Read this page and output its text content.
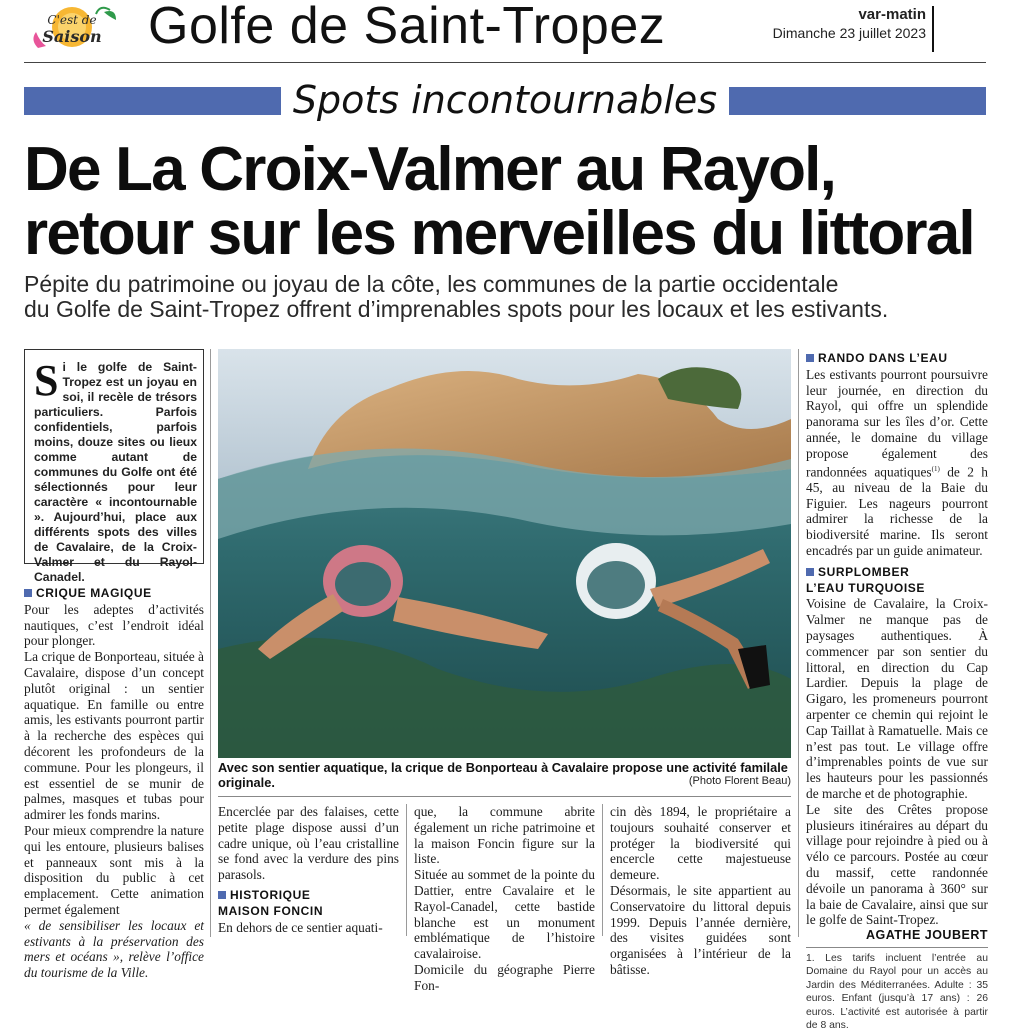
C'est de
Saison Golfe de Saint-Tropez	var-matin
Dimanche 23 juillet 2023
Spots incontournables
De La Croix-Valmer au Rayol,
retour sur les merveilles du littoral
Pépite du patrimoine ou joyau de la côte, les communes de la partie occidentale
du Golfe de Saint-Tropez offrent d’imprenables spots pour les locaux et les estivants.
S i le golfe de Saint-Tropez est un joyau en soi, il recèle de trésors particuliers. Parfois confidentiels, parfois moins, douze sites ou lieux comme autant de communes du Golfe ont été sélectionnés pour leur caractère « incontournable ». Aujourd’hui, place aux différents spots des villes de Cavalaire, de la Croix-Valmer et du Rayol-Canadel.
CRIQUE MAGIQUE

Pour les adeptes d’activités nautiques, c’est l’endroit idéal pour plonger.

La crique de Bonporteau, située à Cavalaire, dispose d’un concept plutôt original : un sentier aquatique. En famille ou entre amis, les estivants pourront partir à la recherche des espèces qui décorent les profondeurs de la commune. Pour les plongeurs, il est essentiel de se munir de palmes, masques et tubas pour admirer les fonds marins.

Pour mieux comprendre la nature qui les entoure, plusieurs balises et panneaux sont mis à la disposition du public à cet emplacement. Cette animation permet également

« de sensibiliser les locaux et estivants à la préservation des mers et océans », relève l’office du tourisme de la Ville.

Avec son sentier aquatique, la crique de Bonporteau à Cavalaire propose une activité familale originale.	(Photo Florent Beau)

Encerclée par des falaises, cette petite plage dispose aussi d’un cadre unique, où l’eau cristalline se fond avec la verdure des pins parasols.

HISTORIQUE
MAISON FONCIN

En dehors de ce sentier aquati-

que, la commune abrite également un riche patrimoine et la maison Foncin figure sur la liste.

Située au sommet de la pointe du Dattier, entre Cavalaire et le Rayol-Canadel, cette bastide blanche est un monument emblématique de l’histoire cavalairoise.

Domicile du géographe Pierre Fon-

cin dès 1894, le propriétaire a toujours souhaité conserver et protéger la biodiversité qui encercle cette majestueuse demeure.

Désormais, le site appartient au Conservatoire du littoral depuis 1999. Depuis l’année dernière, des visites guidées sont organisées à l’intérieur de la bâtisse.

RANDO DANS L’EAU

Les estivants pourront poursuivre leur journée, en direction du Rayol, qui offre un splendide panorama sur les îles d’or. Cette année, le domaine du village propose également des randonnées aquatiques$^{(1)}$ de 2 h 45, au niveau de la Baie du Figuier. Les nageurs pourront admirer la richesse de la biodiversité marine. Ils seront encadrés par un guide animateur.

SURPLOMBER
L’EAU TURQUOISE

Voisine de Cavalaire, la Croix-Valmer ne manque pas de paysages authentiques. À commencer par son sentier du littoral, en direction du Cap Lardier. Depuis la plage de Gigaro, les promeneurs pourront arpenter ce chemin qui rejoint le Cap Taillat à Ramatuelle. Mais ce n’est pas tout. Le village offre d’imprenables points de vue sur les hauteurs pour les passionnés de marche et de photographie.

Le site des Crêtes propose plusieurs itinéraires au départ du village pour rejoindre à pied ou à vélo ce parcours. Postée au cœur du massif, cette randonnée dévoile un panorama à 360° sur la baie de Cavalaire, ainsi que sur le golfe de Saint-Tropez.

AGATHE JOUBERT
1. Les tarifs incluent l’entrée au Domaine du Rayol pour un accès au Jardin des Méditerranées. Adulte : 35 euros. Enfant (jusqu’à 17 ans) : 26 euros. L’activité est autorisée à partir de 8 ans.
